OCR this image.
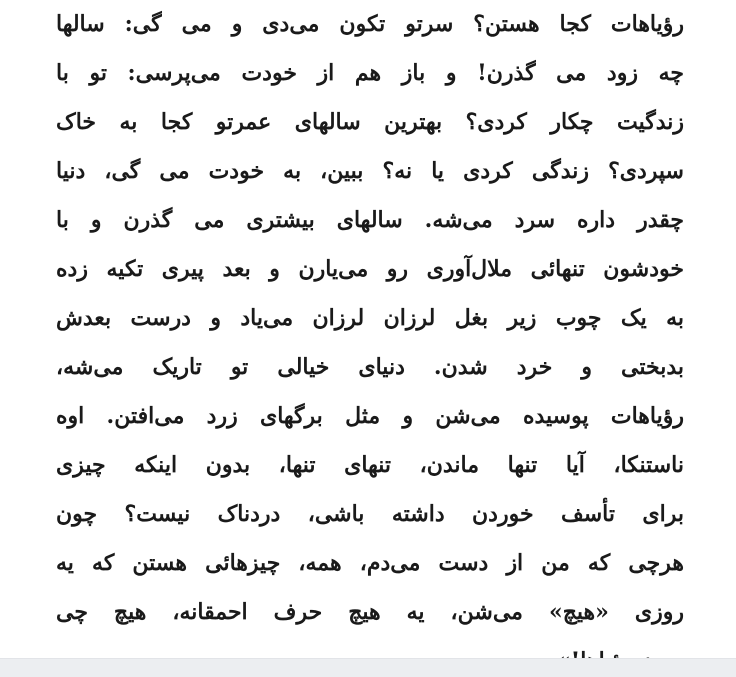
رؤیاهات کجا هستن؟ سرتو تکون می‌دی و می گی: سالها
چه زود می گذرن! و باز هم از خودت می‌پرسی: تو با
زندگیت چکار کردی؟ بهترین سالهای عمرتو کجا به خاک
سپردی؟ زندگی کردی یا نه؟ ببین، به خودت می گی، دنیا
چقدر داره سرد می‌شه. سالهای بیشتری می گذرن و با
خودشون تنهائی ملال‌آوری رو می‌یارن و بعد پیری تکیه زده
به یک چوب زیر بغل لرزان لرزان می‌یاد و درست بعدش
بدبختی و خرد شدن. دنیای خیالی تو تاریک می‌شه،
رؤیاهات پوسیده می‌شن و مثل برگهای زرد می‌افتن. اوه
ناستنکا، آیا تنها ماندن، تنهای تنها، بدون اینکه چیزی
برای تأسف خوردن داشته باشی، دردناک نیست؟ چون
هرچی که من از دست می‌دم، همه، چیزهائی هستن که یه
روزی «هیچ» می‌شن، یه هیچ حرف احمقانه، هیچ چی
